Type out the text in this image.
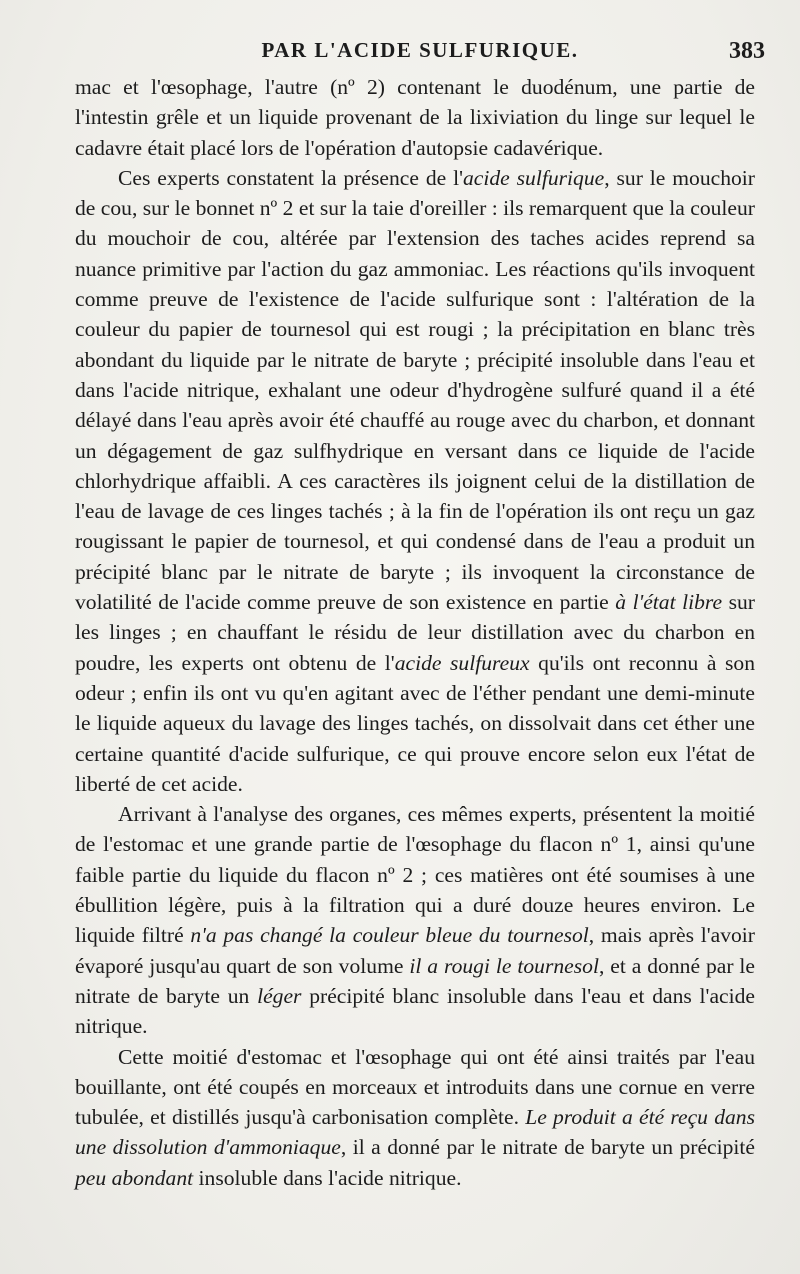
PAR L'ACIDE SULFURIQUE.	383

mac et l'œsophage, l'autre (nº 2) contenant le duodénum, une partie de l'intestin grêle et un liquide provenant de la lixiviation du linge sur lequel le cadavre était placé lors de l'opération d'autopsie cadavérique.

Ces experts constatent la présence de l'acide sulfurique, sur le mouchoir de cou, sur le bonnet nº 2 et sur la taie d'oreiller : ils remarquent que la couleur du mouchoir de cou, altérée par l'extension des taches acides reprend sa nuance primitive par l'action du gaz ammoniac. Les réactions qu'ils invoquent comme preuve de l'existence de l'acide sulfurique sont : l'altération de la couleur du papier de tournesol qui est rougi ; la précipitation en blanc très abondant du liquide par le nitrate de baryte ; précipité insoluble dans l'eau et dans l'acide nitrique, exhalant une odeur d'hydrogène sulfuré quand il a été délayé dans l'eau après avoir été chauffé au rouge avec du charbon, et donnant un dégagement de gaz sulfhydrique en versant dans ce liquide de l'acide chlorhydrique affaibli. A ces caractères ils joignent celui de la distillation de l'eau de lavage de ces linges tachés ; à la fin de l'opération ils ont reçu un gaz rougissant le papier de tournesol, et qui condensé dans de l'eau a produit un précipité blanc par le nitrate de baryte ; ils invoquent la circonstance de volatilité de l'acide comme preuve de son existence en partie à l'état libre sur les linges ; en chauffant le résidu de leur distillation avec du charbon en poudre, les experts ont obtenu de l'acide sulfureux qu'ils ont reconnu à son odeur ; enfin ils ont vu qu'en agitant avec de l'éther pendant une demi-minute le liquide aqueux du lavage des linges tachés, on dissolvait dans cet éther une certaine quantité d'acide sulfurique, ce qui prouve encore selon eux l'état de liberté de cet acide.

Arrivant à l'analyse des organes, ces mêmes experts, présentent la moitié de l'estomac et une grande partie de l'œsophage du flacon nº 1, ainsi qu'une faible partie du liquide du flacon nº 2 ; ces matières ont été soumises à une ébullition légère, puis à la filtration qui a duré douze heures environ. Le liquide filtré n'a pas changé la couleur bleue du tournesol, mais après l'avoir évaporé jusqu'au quart de son volume il a rougi le tournesol, et a donné par le nitrate de baryte un léger précipité blanc insoluble dans l'eau et dans l'acide nitrique.

Cette moitié d'estomac et l'œsophage qui ont été ainsi traités par l'eau bouillante, ont été coupés en morceaux et introduits dans une cornue en verre tubulée, et distillés jusqu'à carbonisation complète. Le produit a été reçu dans une dissolution d'ammoniaque, il a donné par le nitrate de baryte un précipité peu abondant insoluble dans l'acide nitrique.
